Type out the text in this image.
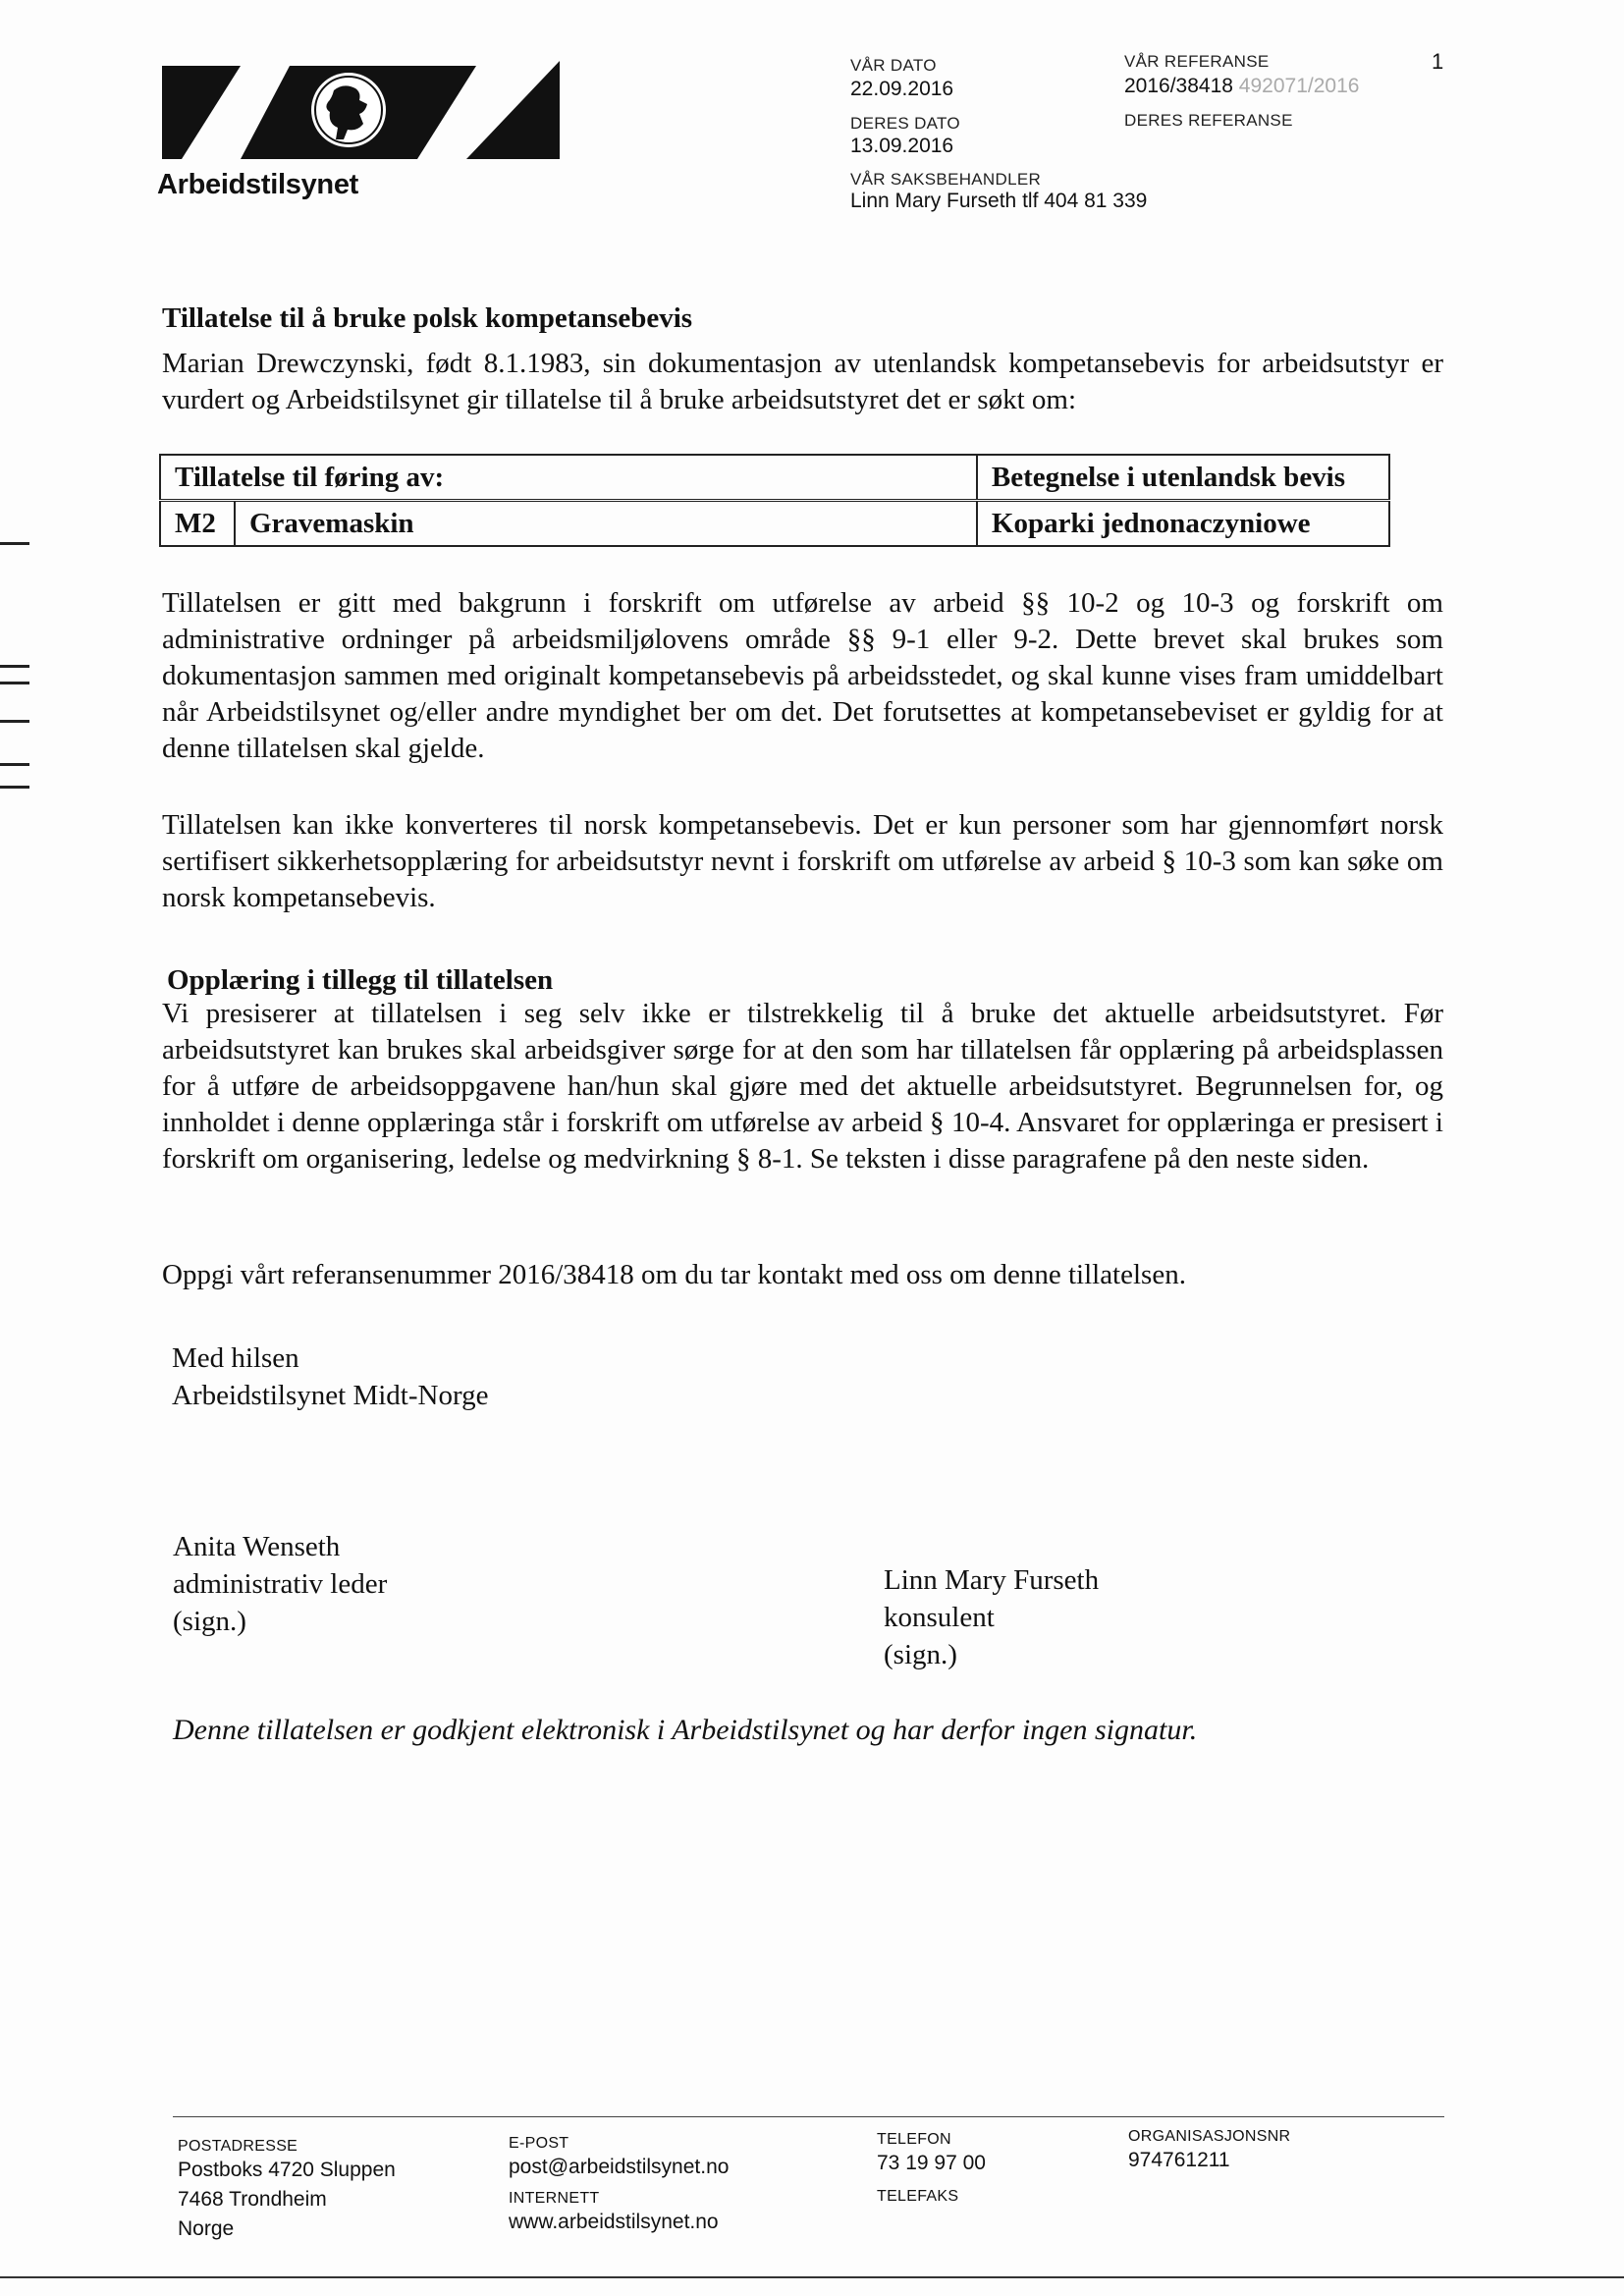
Arbeidstilsynet
VÅR DATO
22.09.2016
DERES DATO
13.09.2016
VÅR SAKSBEHANDLER
Linn Mary Furseth tlf 404 81 339
VÅR REFERANSE
2016/38418 492071/2016
DERES REFERANSE
1
Tillatelse til å bruke polsk kompetansebevis
Marian Drewczynski, født 8.1.1983, sin dokumentasjon av utenlandsk kompetansebevis for arbeidsutstyr er vurdert og Arbeidstilsynet gir tillatelse til å bruke arbeidsutstyret det er søkt om:
Tillatelse til føring av:		Betegnelse i utenlandsk bevis
M2	Gravemaskin	Koparki jednonaczyniowe
Tillatelsen er gitt med bakgrunn i forskrift om utførelse av arbeid §§ 10-2 og 10-3 og forskrift om administrative ordninger på arbeidsmiljølovens område §§ 9-1 eller 9-2. Dette brevet skal brukes som dokumentasjon sammen med originalt kompetansebevis på arbeidsstedet, og skal kunne vises fram umiddelbart når Arbeidstilsynet og/eller andre myndighet ber om det. Det forutsettes at kompetansebeviset er gyldig for at denne tillatelsen skal gjelde.
Tillatelsen kan ikke konverteres til norsk kompetansebevis. Det er kun personer som har gjennomført norsk sertifisert sikkerhetsopplæring for arbeidsutstyr nevnt i forskrift om utførelse av arbeid § 10-3 som kan søke om norsk kompetansebevis.
Opplæring i tillegg til tillatelsen
Vi presiserer at tillatelsen i seg selv ikke er tilstrekkelig til å bruke det aktuelle arbeidsutstyret. Før arbeidsutstyret kan brukes skal arbeidsgiver sørge for at den som har tillatelsen får opplæring på arbeidsplassen for å utføre de arbeidsoppgavene han/hun skal gjøre med det aktuelle arbeidsutstyret. Begrunnelsen for, og innholdet i denne opplæringa står i forskrift om utførelse av arbeid § 10-4. Ansvaret for opplæringa er presisert i forskrift om organisering, ledelse og medvirkning § 8-1. Se teksten i disse paragrafene på den neste siden.
Oppgi vårt referansenummer 2016/38418 om du tar kontakt med oss om denne tillatelsen.
Med hilsen
Arbeidstilsynet Midt-Norge
Anita Wenseth
administrativ leder
(sign.)
Linn Mary Furseth
konsulent
(sign.)
Denne tillatelsen er godkjent elektronisk i Arbeidstilsynet og har derfor ingen signatur.
POSTADRESSE
Postboks 4720 Sluppen
7468 Trondheim
Norge
E-POST
post@arbeidstilsynet.no
INTERNETT
www.arbeidstilsynet.no
TELEFON
73 19 97 00
TELEFAKS
ORGANISASJONSNR
974761211
